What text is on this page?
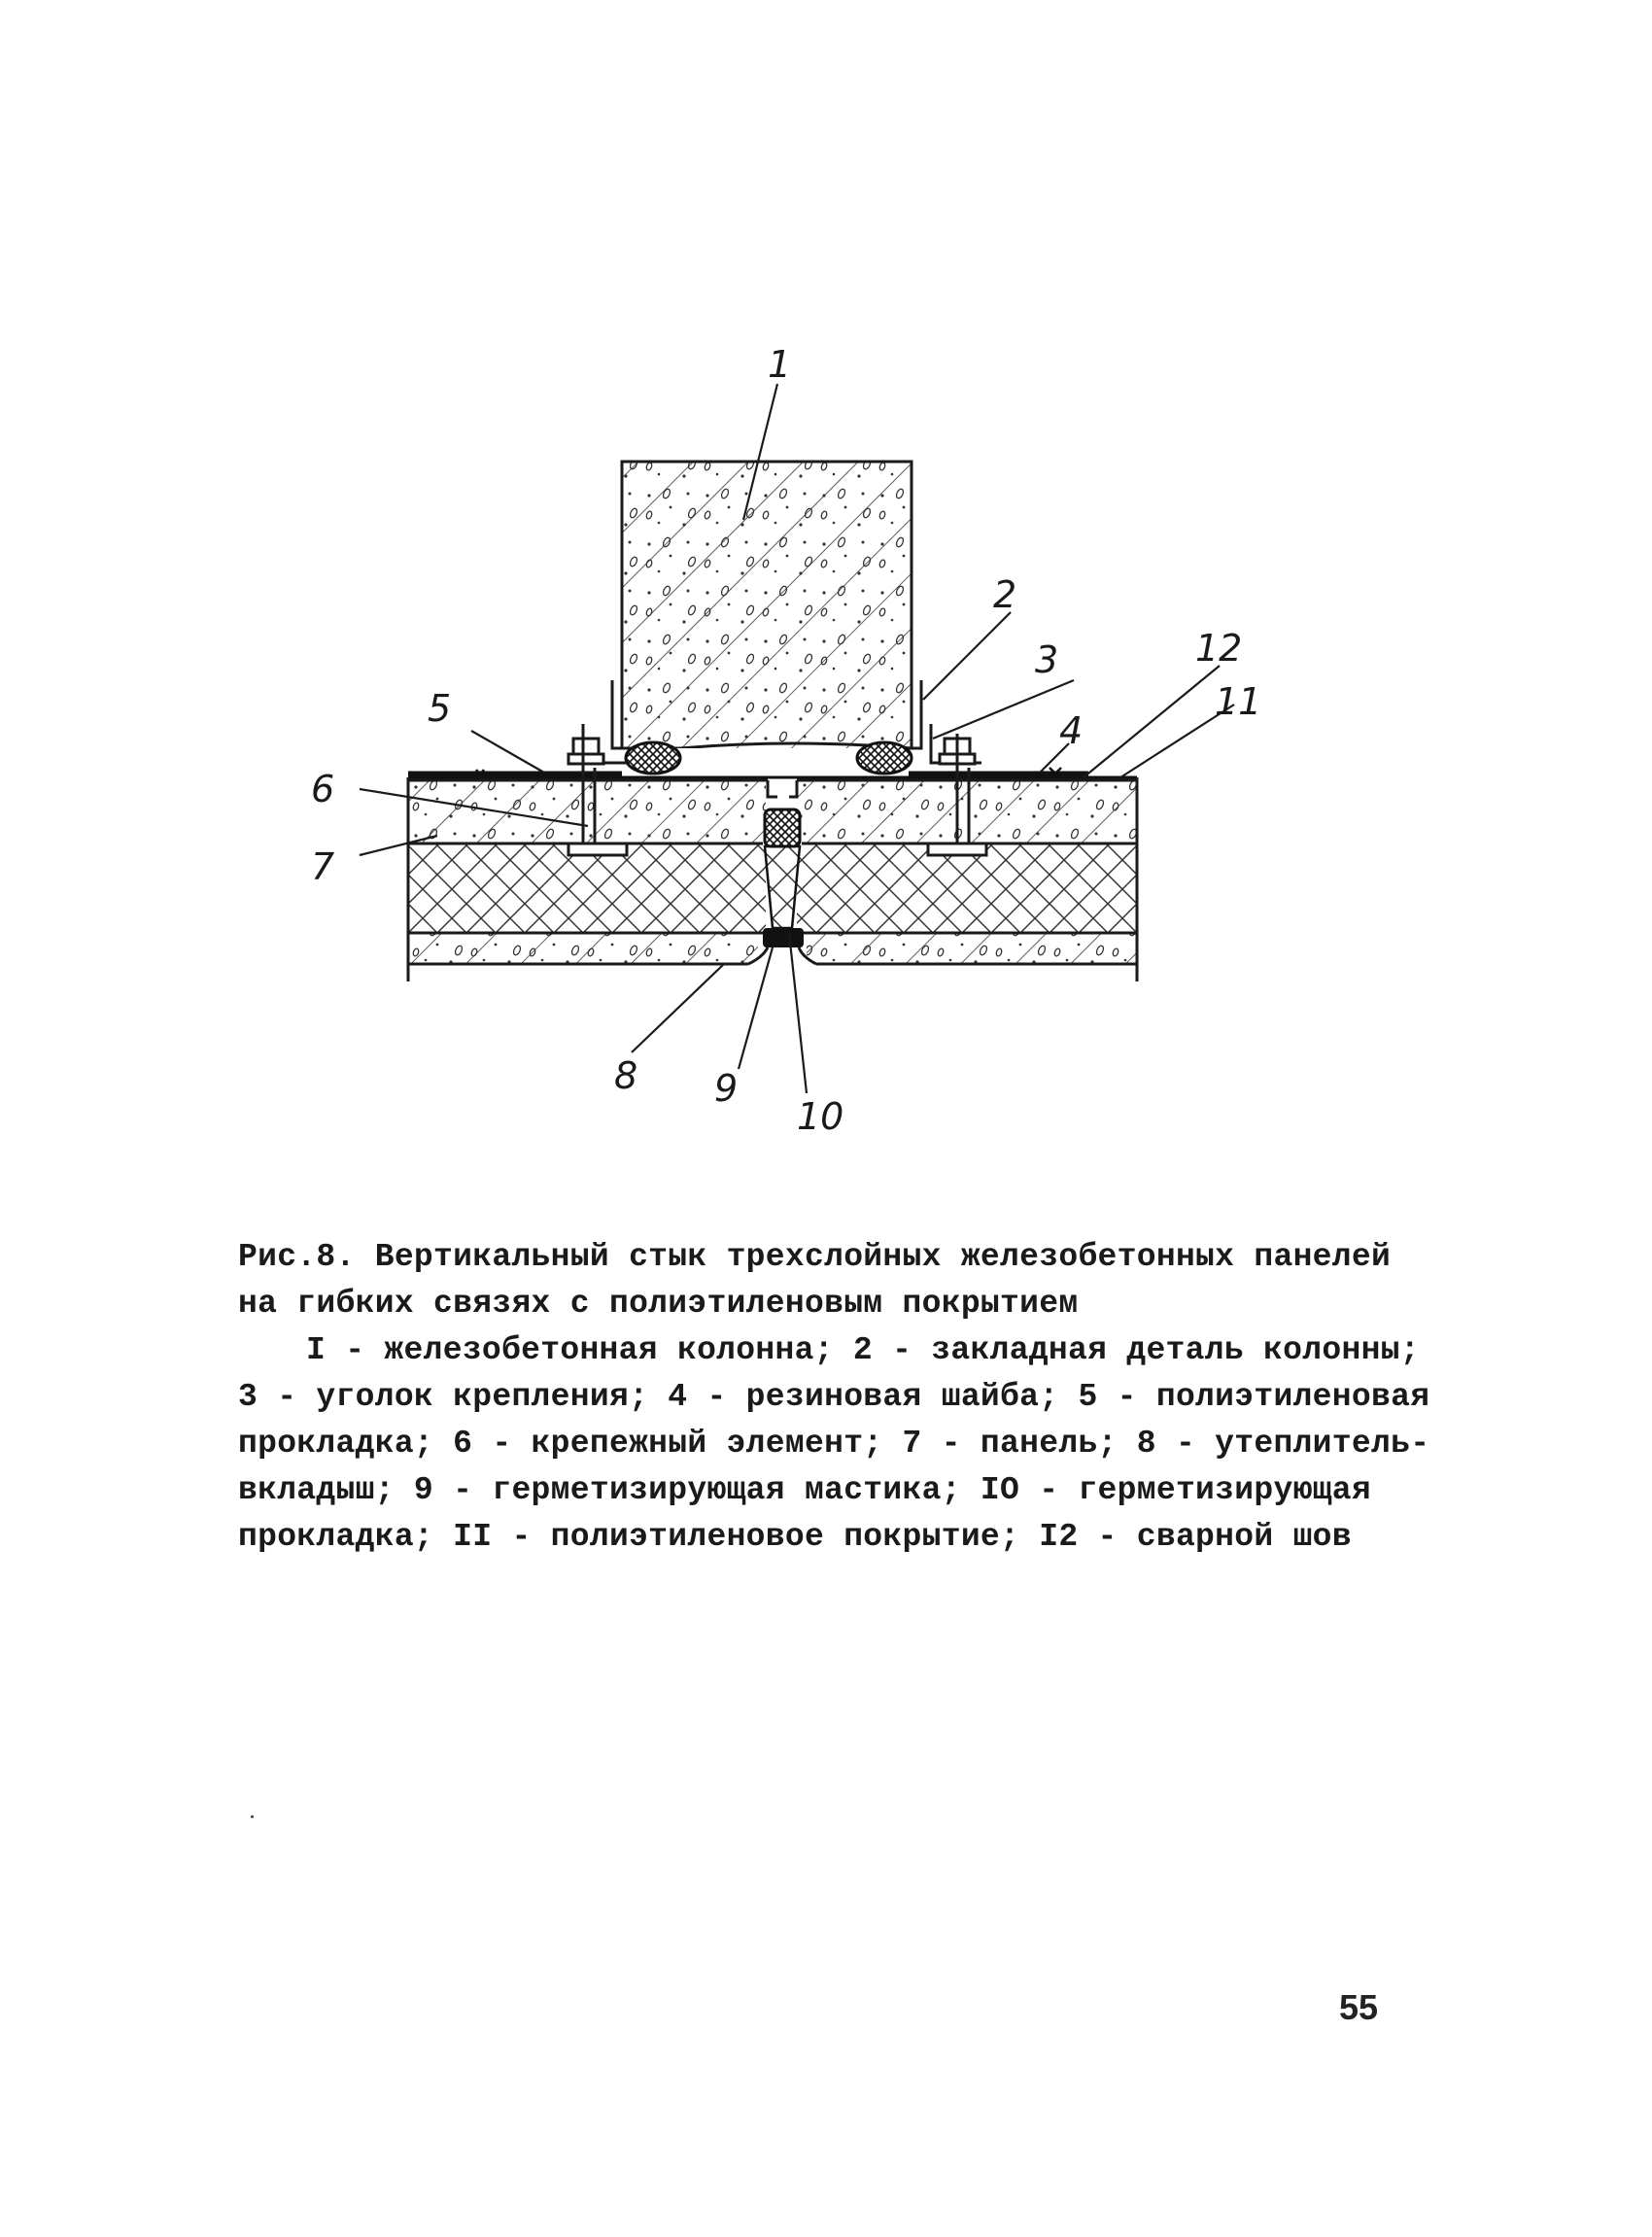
1
2
3
4
5
6
7
8 9
10
11
12
Рис.8. Вертикальный стык трехслойных железобетонных панелей
на гибких связях с полиэтиленовым покрытием
I - железобетонная колонна; 2 - закладная деталь колонны;
3 - уголок крепления; 4 - резиновая шайба; 5 - полиэтиленовая
прокладка; 6 - крепежный элемент; 7 - панель; 8 - утеплитель-
вкладыш; 9 - герметизирующая мастика; IO - герметизирующая
прокладка; II - полиэтиленовое покрытие; I2 - сварной шов
55
